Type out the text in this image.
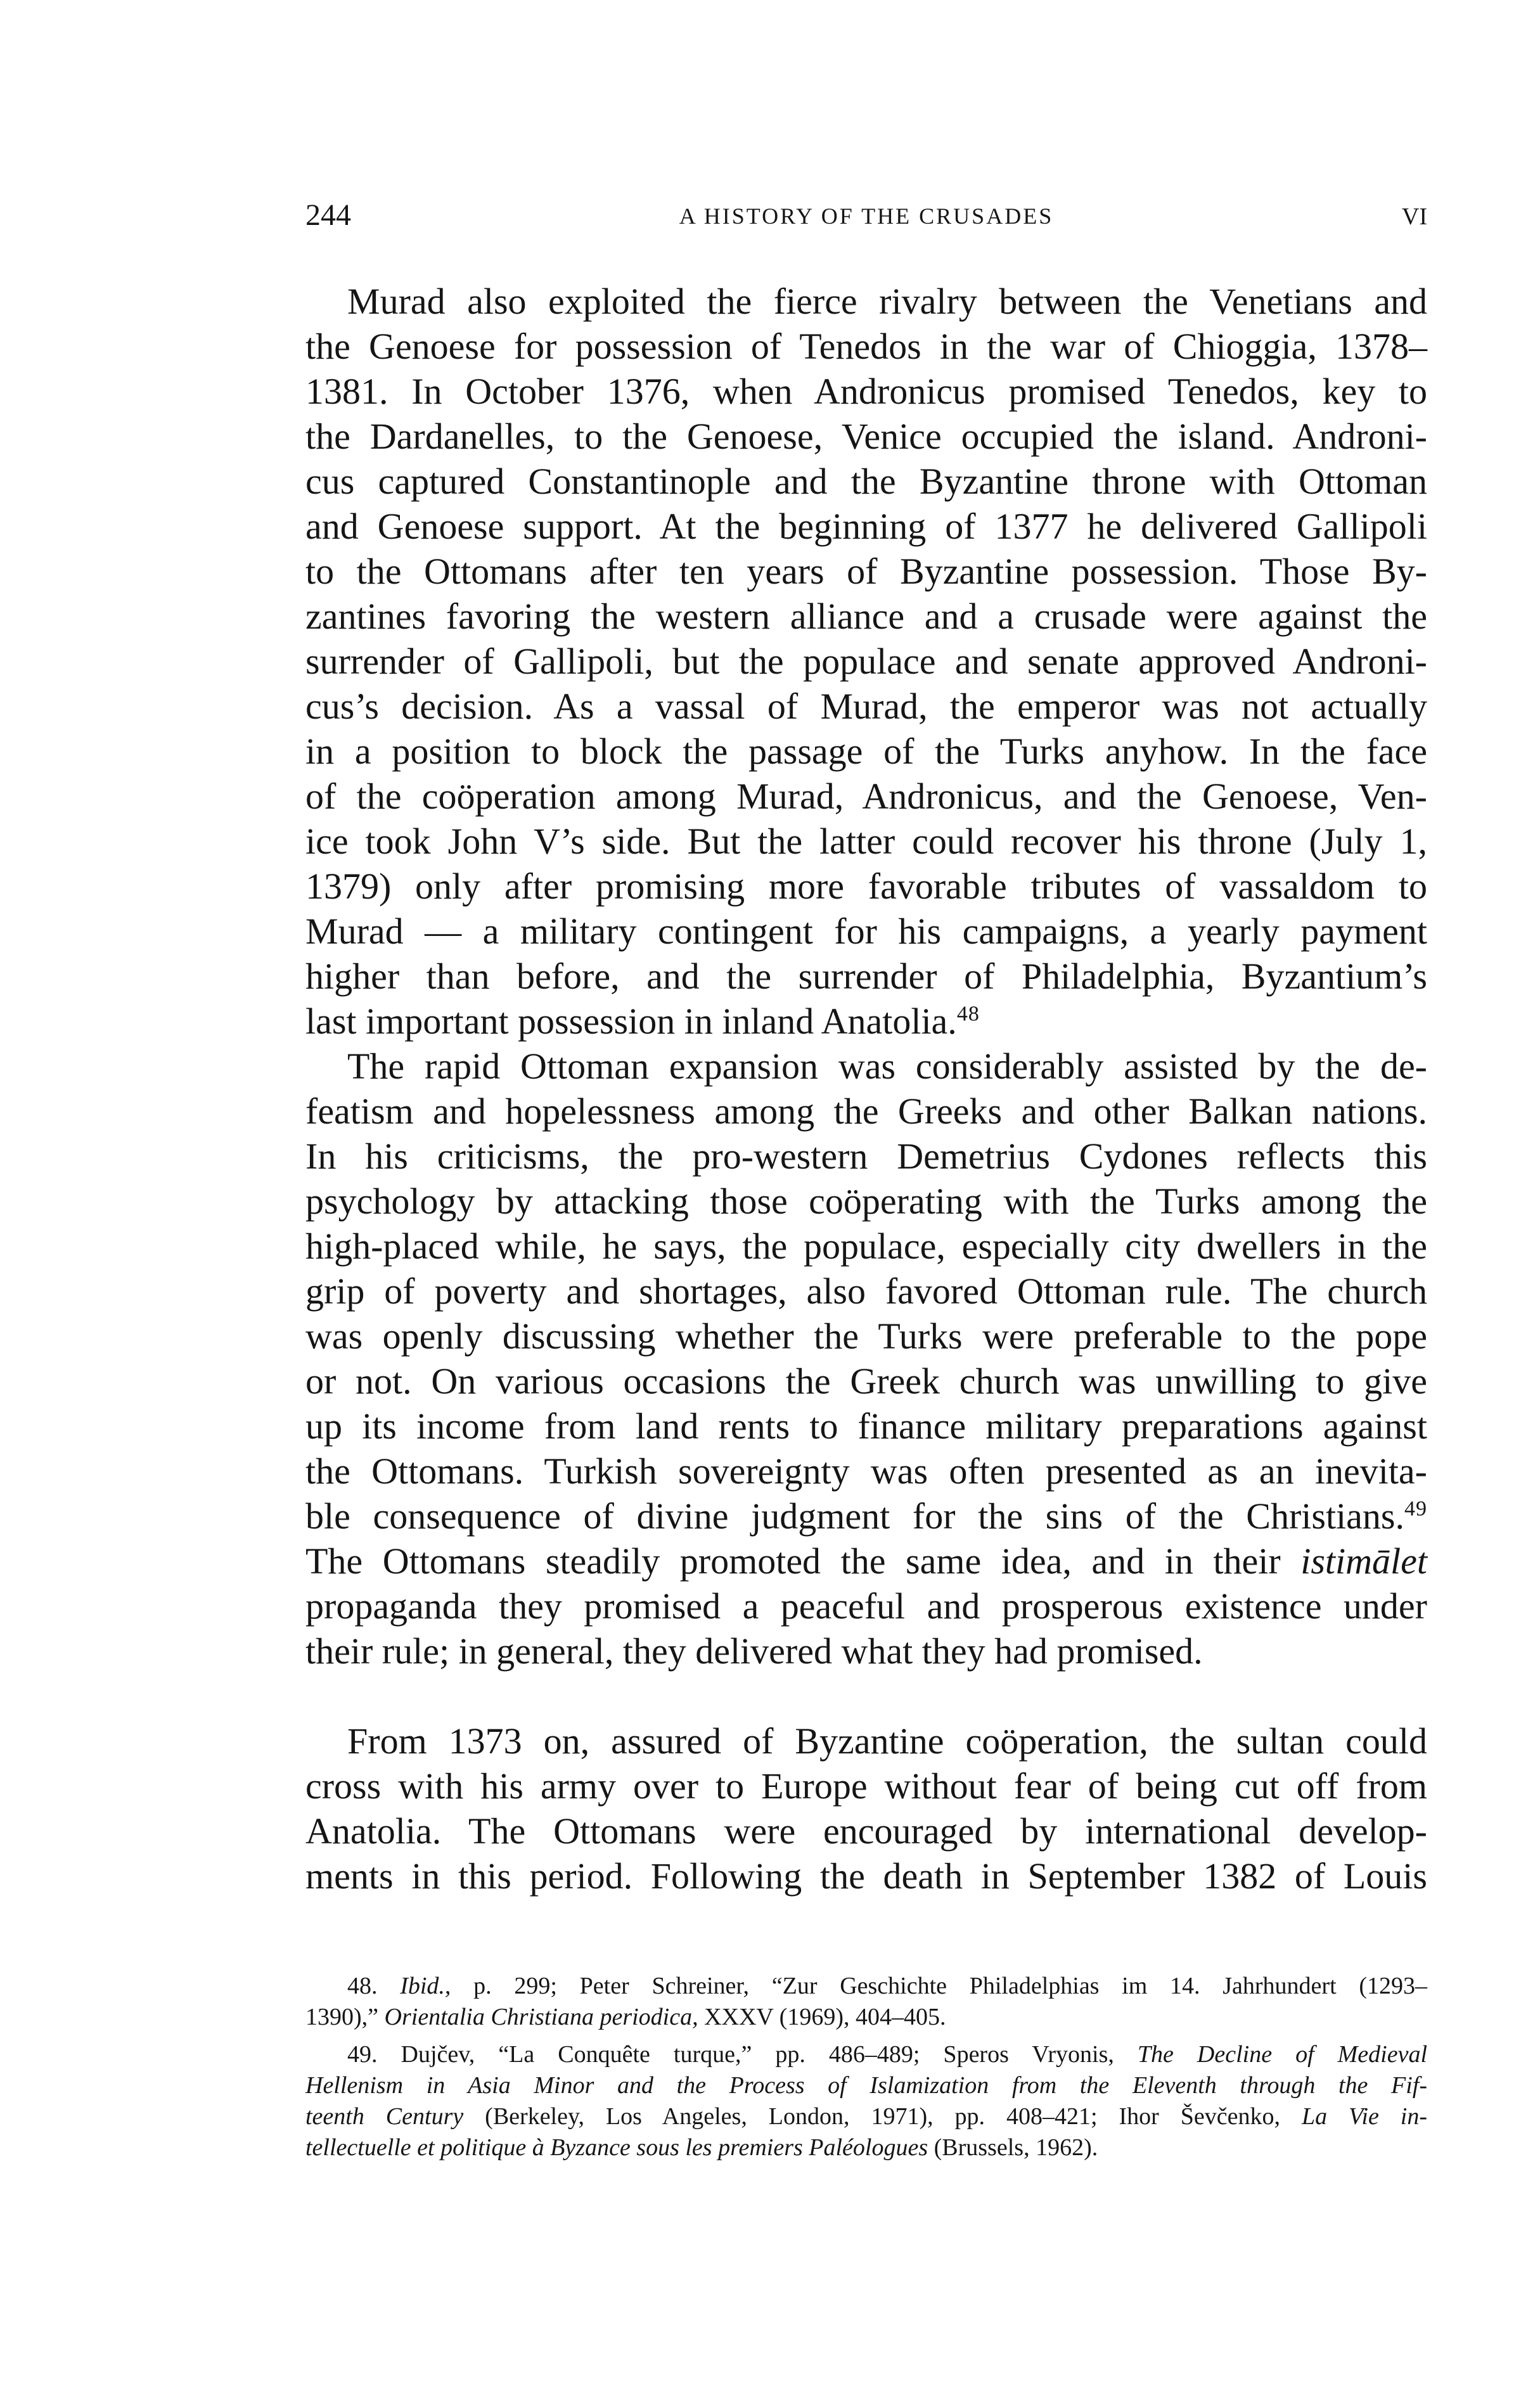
244	A HISTORY OF THE CRUSADES	VI
Murad also exploited the fierce rivalry between the Venetians and
the Genoese for possession of Tenedos in the war of Chioggia, 1378–
1381. In October 1376, when Andronicus promised Tenedos, key to
the Dardanelles, to the Genoese, Venice occupied the island. Androni-
cus captured Constantinople and the Byzantine throne with Ottoman
and Genoese support. At the beginning of 1377 he delivered Gallipoli
to the Ottomans after ten years of Byzantine possession. Those By-
zantines favoring the western alliance and a crusade were against the
surrender of Gallipoli, but the populace and senate approved Androni-
cus’s decision. As a vassal of Murad, the emperor was not actually
in a position to block the passage of the Turks anyhow. In the face
of the coöperation among Murad, Andronicus, and the Genoese, Ven-
ice took John V’s side. But the latter could recover his throne (July 1,
1379) only after promising more favorable tributes of vassaldom to
Murad — a military contingent for his campaigns, a yearly payment
higher than before, and the surrender of Philadelphia, Byzantium’s
last important possession in inland Anatolia.$^{48}$
The rapid Ottoman expansion was considerably assisted by the de-
featism and hopelessness among the Greeks and other Balkan nations.
In his criticisms, the pro-western Demetrius Cydones reflects this
psychology by attacking those coöperating with the Turks among the
high-placed while, he says, the populace, especially city dwellers in the
grip of poverty and shortages, also favored Ottoman rule. The church
was openly discussing whether the Turks were preferable to the pope
or not. On various occasions the Greek church was unwilling to give
up its income from land rents to finance military preparations against
the Ottomans. Turkish sovereignty was often presented as an inevita-
ble consequence of divine judgment for the sins of the Christians.$^{49}$
The Ottomans steadily promoted the same idea, and in their istimālet
propaganda they promised a peaceful and prosperous existence under
their rule; in general, they delivered what they had promised.
From 1373 on, assured of Byzantine coöperation, the sultan could
cross with his army over to Europe without fear of being cut off from
Anatolia. The Ottomans were encouraged by international develop-
ments in this period. Following the death in September 1382 of Louis
48. Ibid., p. 299; Peter Schreiner, “Zur Geschichte Philadelphias im 14. Jahrhundert (1293–
1390),” Orientalia Christiana periodica, XXXV (1969), 404–405.
49. Dujčev, “La Conquête turque,” pp. 486–489; Speros Vryonis, The Decline of Medieval
Hellenism in Asia Minor and the Process of Islamization from the Eleventh through the Fif-
teenth Century (Berkeley, Los Angeles, London, 1971), pp. 408–421; Ihor Ševčenko, La Vie in-
tellectuelle et politique à Byzance sous les premiers Paléologues (Brussels, 1962).
